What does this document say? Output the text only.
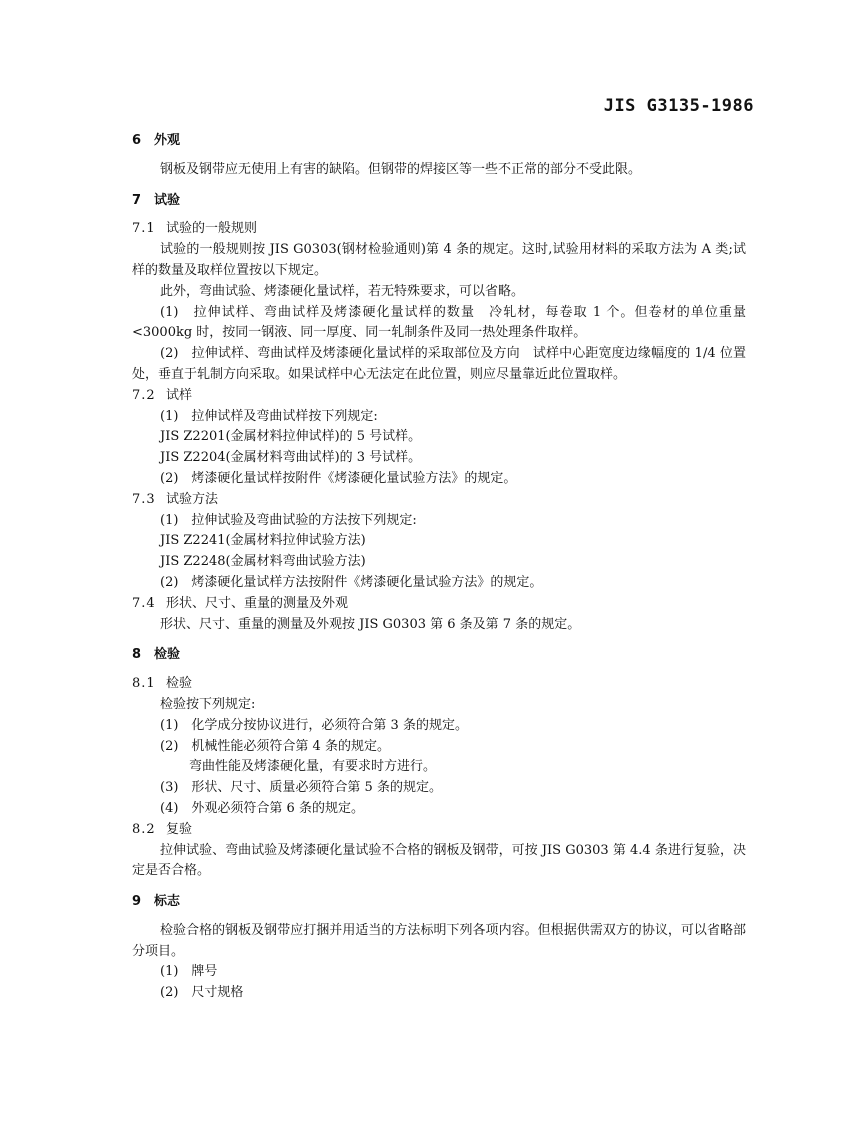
JIS G3135-1986
6 外观

钢板及钢带应无使用上有害的缺陷。但钢带的焊接区等一些不正常的部分不受此限。

7 试验

7.1 试验的一般规则

试验的一般规则按 JIS G0303(钢材检验通则)第 4 条的规定。这时,试验用材料的采取方法为 A 类;试样的数量及取样位置按以下规定。

此外，弯曲试验、烤漆硬化量试样，若无特殊要求，可以省略。

(1)　拉伸试样、弯曲试样及烤漆硬化量试样的数量　冷轧材，每卷取 1 个。但卷材的单位重量<3000kg 时，按同一钢液、同一厚度、同一轧制条件及同一热处理条件取样。

(2)　拉伸试样、弯曲试样及烤漆硬化量试样的采取部位及方向　试样中心距宽度边缘幅度的 1/4 位置处，垂直于轧制方向采取。如果试样中心无法定在此位置，则应尽量靠近此位置取样。

7.2 试样

(1)　拉伸试样及弯曲试样按下列规定:

JIS Z2201(金属材料拉伸试样)的 5 号试样。

JIS Z2204(金属材料弯曲试样)的 3 号试样。

(2)　烤漆硬化量试样按附件《烤漆硬化量试验方法》的规定。

7.3 试验方法

(1)　拉伸试验及弯曲试验的方法按下列规定:

JIS Z2241(金属材料拉伸试验方法)

JIS Z2248(金属材料弯曲试验方法)

(2)　烤漆硬化量试样方法按附件《烤漆硬化量试验方法》的规定。

7.4 形状、尺寸、重量的测量及外观

形状、尺寸、重量的测量及外观按 JIS G0303 第 6 条及第 7 条的规定。

8 检验

8.1 检验

检验按下列规定:

(1)　化学成分按协议进行，必须符合第 3 条的规定。

(2)　机械性能必须符合第 4 条的规定。

弯曲性能及烤漆硬化量，有要求时方进行。

(3)　形状、尺寸、质量必须符合第 5 条的规定。

(4)　外观必须符合第 6 条的规定。

8.2 复验

拉伸试验、弯曲试验及烤漆硬化量试验不合格的钢板及钢带，可按 JIS G0303 第 4.4 条进行复验，决定是否合格。

9 标志

检验合格的钢板及钢带应打捆并用适当的方法标明下列各项内容。但根据供需双方的协议，可以省略部分项目。

(1)　牌号

(2)　尺寸规格
